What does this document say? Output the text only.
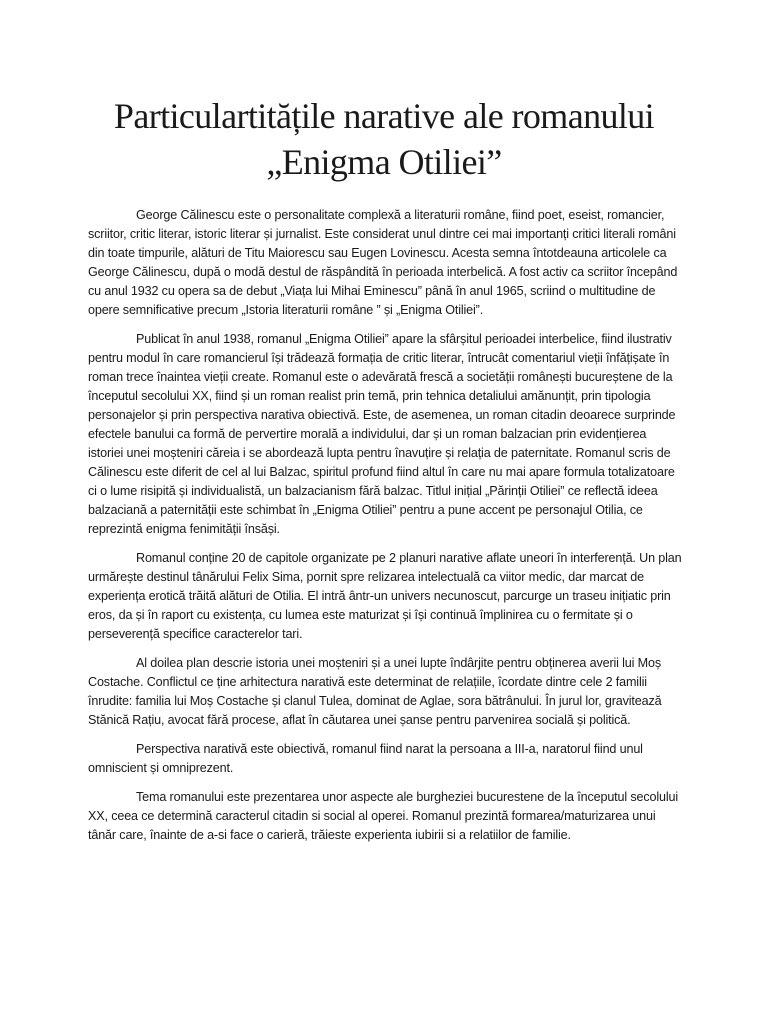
Particulartitățile narative ale romanului
„Enigma Otiliei”

George Călinescu este o personalitate complexă a literaturii române, fiind poet, eseist, romancier, scriitor, critic literar, istoric literar și jurnalist. Este considerat unul dintre cei mai importanți critici literali români din toate timpurile, alături de Titu Maiorescu sau Eugen Lovinescu. Acesta semna întotdeauna articolele ca George Călinescu, după o modă destul de răspândită în perioada interbelică. A fost activ ca scriitor începând cu anul 1932 cu opera sa de debut „Viața lui Mihai Eminescu” până în anul 1965, scriind o multitudine de opere semnificative precum „Istoria literaturii române ” și „Enigma Otiliei”.

Publicat în anul 1938, romanul „Enigma Otiliei” apare la sfârșitul perioadei interbelice, fiind ilustrativ pentru modul în care romancierul își trădează formația de critic literar, întrucât comentariul vieții înfățișate în roman trece înaintea vieții create. Romanul este o adevărată frescă a societății românești bucureștene de la începutul secolului XX, fiind și un roman realist prin temă, prin tehnica detaliului amănunțit, prin tipologia personajelor și prin perspectiva narativa obiectivă. Este, de asemenea, un roman citadin deoarece surprinde efectele banului ca formă de pervertire morală a individului, dar și un roman balzacian prin evidențierea istoriei unei moșteniri căreia i se abordează lupta pentru înavuțire și relația de paternitate. Romanul scris de Călinescu este diferit de cel al lui Balzac, spiritul profund fiind altul în care nu mai apare formula totalizatoare ci o lume risipită și individualistă, un balzacianism fără balzac. Titlul inițial „Părinții Otiliei” ce reflectă ideea balzaciană a paternității este schimbat în „Enigma Otiliei” pentru a pune accent pe personajul Otilia, ce reprezintă enigma fenimității însăși.

Romanul conține 20 de capitole organizate pe 2 planuri narative aflate uneori în interferență. Un plan urmărește destinul tânărului Felix Sima, pornit spre relizarea intelectuală ca viitor medic, dar marcat de experiența erotică trăită alături de Otilia. El intră ântr-un univers necunoscut, parcurge un traseu inițiatic prin eros, da și în raport cu existența, cu lumea este maturizat și își continuă împlinirea cu o fermitate și o perseverență specifice caracterelor tari.

Al doilea plan descrie istoria unei moșteniri și a unei lupte îndârjite pentru obținerea averii lui Moș Costache. Conflictul ce ține arhitectura narativă este determinat de relațiile, îcordate dintre cele 2 familii înrudite: familia lui Moș Costache și clanul Tulea, dominat de Aglae, sora bătrânului. În jurul lor, gravitează Stănică Rațiu, avocat fără procese, aflat în căutarea unei șanse pentru parvenirea socială și politică.

Perspectiva narativă este obiectivă, romanul fiind narat la persoana a III-a, naratorul fiind unul omniscient și omniprezent.

Tema romanului este prezentarea unor aspecte ale burgheziei bucurestene de la începutul secolului XX, ceea ce determină caracterul citadin si social al operei. Romanul prezintă formarea/maturizarea unui tânăr care, înainte de a-si face o carieră, trăieste experienta iubirii si a relatiilor de familie.
